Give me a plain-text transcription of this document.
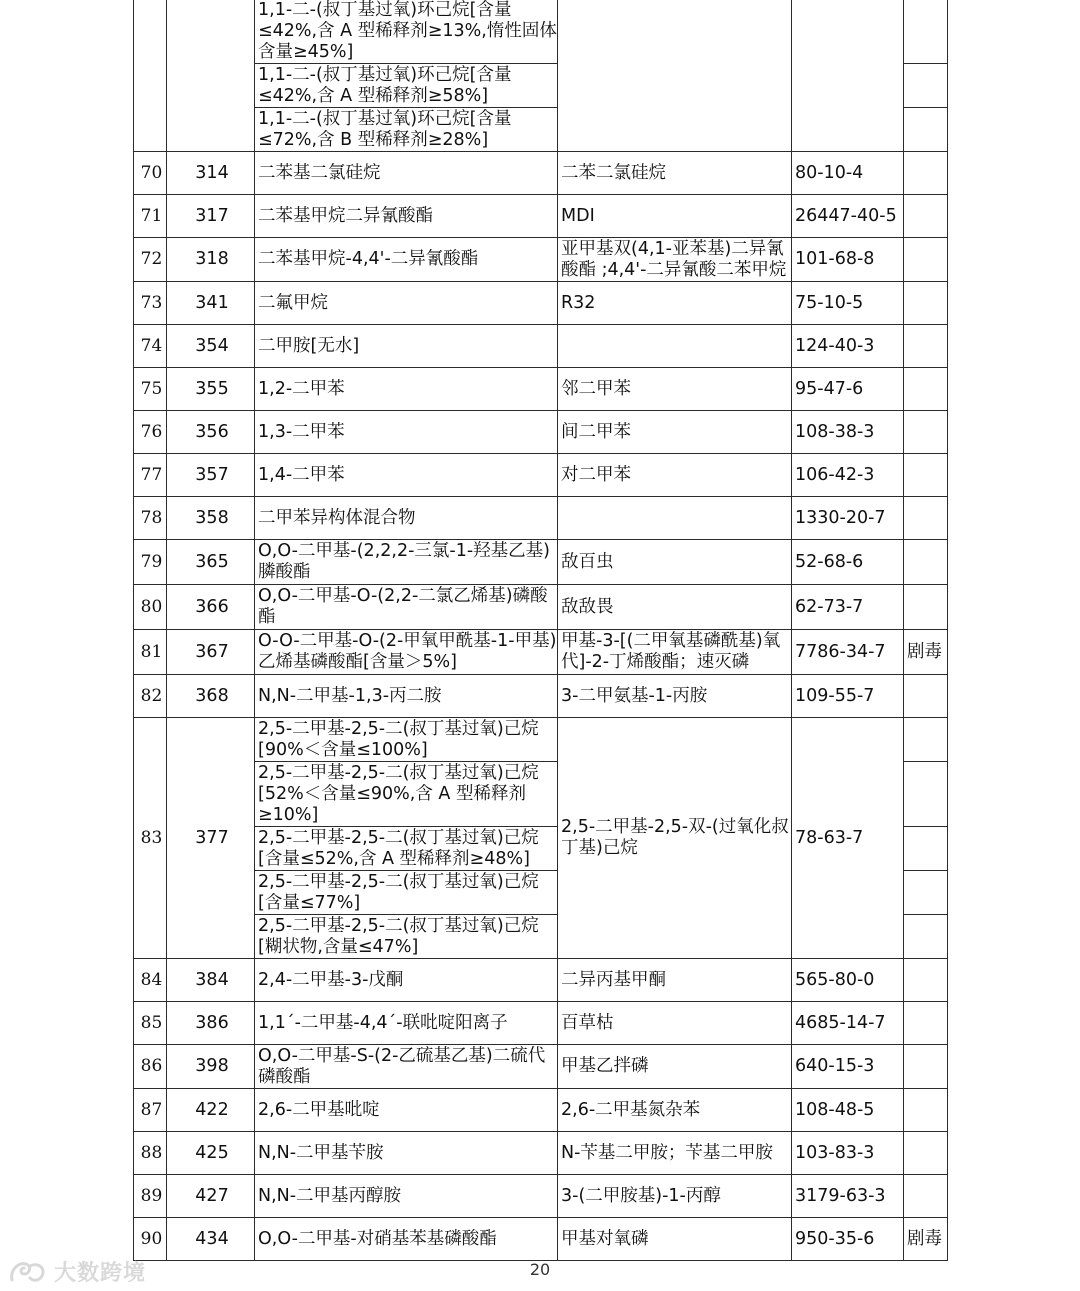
		1,1-二-(叔丁基过氧)环己烷[含量≤42%,含 A 型稀释剂≥13%,惰性固体含量≥45%]			
		1,1-二-(叔丁基过氧)环己烷[含量≤42%,含 A 型稀释剂≥58%]			
		1,1-二-(叔丁基过氧)环己烷[含量≤72%,含 B 型稀释剂≥28%]			
70	314	二苯基二氯硅烷	二苯二氯硅烷	80-10-4	
71	317	二苯基甲烷二异氰酸酯	MDI	26447-40-5	
72	318	二苯基甲烷-4,4'-二异氰酸酯	亚甲基双(4,1-亚苯基)二异氰酸酯 ;4,4'-二异氰酸二苯甲烷	101-68-8	
73	341	二氟甲烷	R32	75-10-5	
74	354	二甲胺[无水]		124-40-3	
75	355	1,2-二甲苯	邻二甲苯	95-47-6	
76	356	1,3-二甲苯	间二甲苯	108-38-3	
77	357	1,4-二甲苯	对二甲苯	106-42-3	
78	358	二甲苯异构体混合物		1330-20-7	
79	365	O,O-二甲基-(2,2,2-三氯-1-羟基乙基)膦酸酯	敌百虫	52-68-6	
80	366	O,O-二甲基-O-(2,2-二氯乙烯基)磷酸酯	敌敌畏	62-73-7	
81	367	O-O-二甲基-O-(2-甲氧甲酰基-1-甲基)乙烯基磷酸酯[含量＞5%]	甲基-3-[(二甲氧基磷酰基)氧代]-2-丁烯酸酯；速灭磷	7786-34-7	剧毒
82	368	N,N-二甲基-1,3-丙二胺	3-二甲氨基-1-丙胺	109-55-7	
83	377	2,5-二甲基-2,5-二(叔丁基过氧)己烷[90%＜含量≤100%]	2,5-二甲基-2,5-双-(过氧化叔丁基)己烷	78-63-7	
		2,5-二甲基-2,5-二(叔丁基过氧)己烷[52%＜含量≤90%,含 A 型稀释剂≥10%]			
		2,5-二甲基-2,5-二(叔丁基过氧)己烷[含量≤52%,含 A 型稀释剂≥48%]			
		2,5-二甲基-2,5-二(叔丁基过氧)己烷[含量≤77%]			
		2,5-二甲基-2,5-二(叔丁基过氧)己烷[糊状物,含量≤47%]			
84	384	2,4-二甲基-3-戊酮	二异丙基甲酮	565-80-0	
85	386	1,1´-二甲基-4,4´-联吡啶阳离子	百草枯	4685-14-7	
86	398	O,O-二甲基-S-(2-乙硫基乙基)二硫代磷酸酯	甲基乙拌磷	640-15-3	
87	422	2,6-二甲基吡啶	2,6-二甲基氮杂苯	108-48-5	
88	425	N,N-二甲基苄胺	N-苄基二甲胺；苄基二甲胺	103-83-3	
89	427	N,N-二甲基丙醇胺	3-(二甲胺基)-1-丙醇	3179-63-3	
90	434	O,O-二甲基-对硝基苯基磷酸酯	甲基对氧磷	950-35-6	剧毒
大数跨境	20
